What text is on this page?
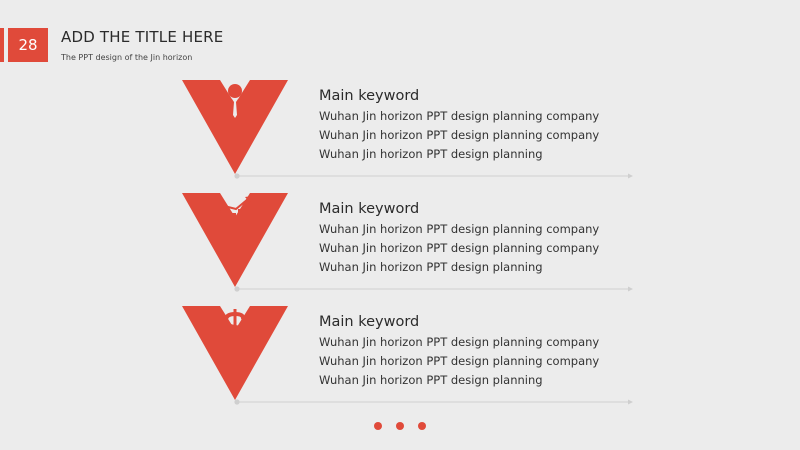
28	ADD THE TITLE HERE
The PPT design of the Jin horizon
Main keyword
Wuhan Jin horizon PPT design planning company
Wuhan Jin horizon PPT design planning company
Wuhan Jin horizon PPT design planning
Main keyword
Wuhan Jin horizon PPT design planning company
Wuhan Jin horizon PPT design planning company
Wuhan Jin horizon PPT design planning
Main keyword
Wuhan Jin horizon PPT design planning company
Wuhan Jin horizon PPT design planning company
Wuhan Jin horizon PPT design planning
